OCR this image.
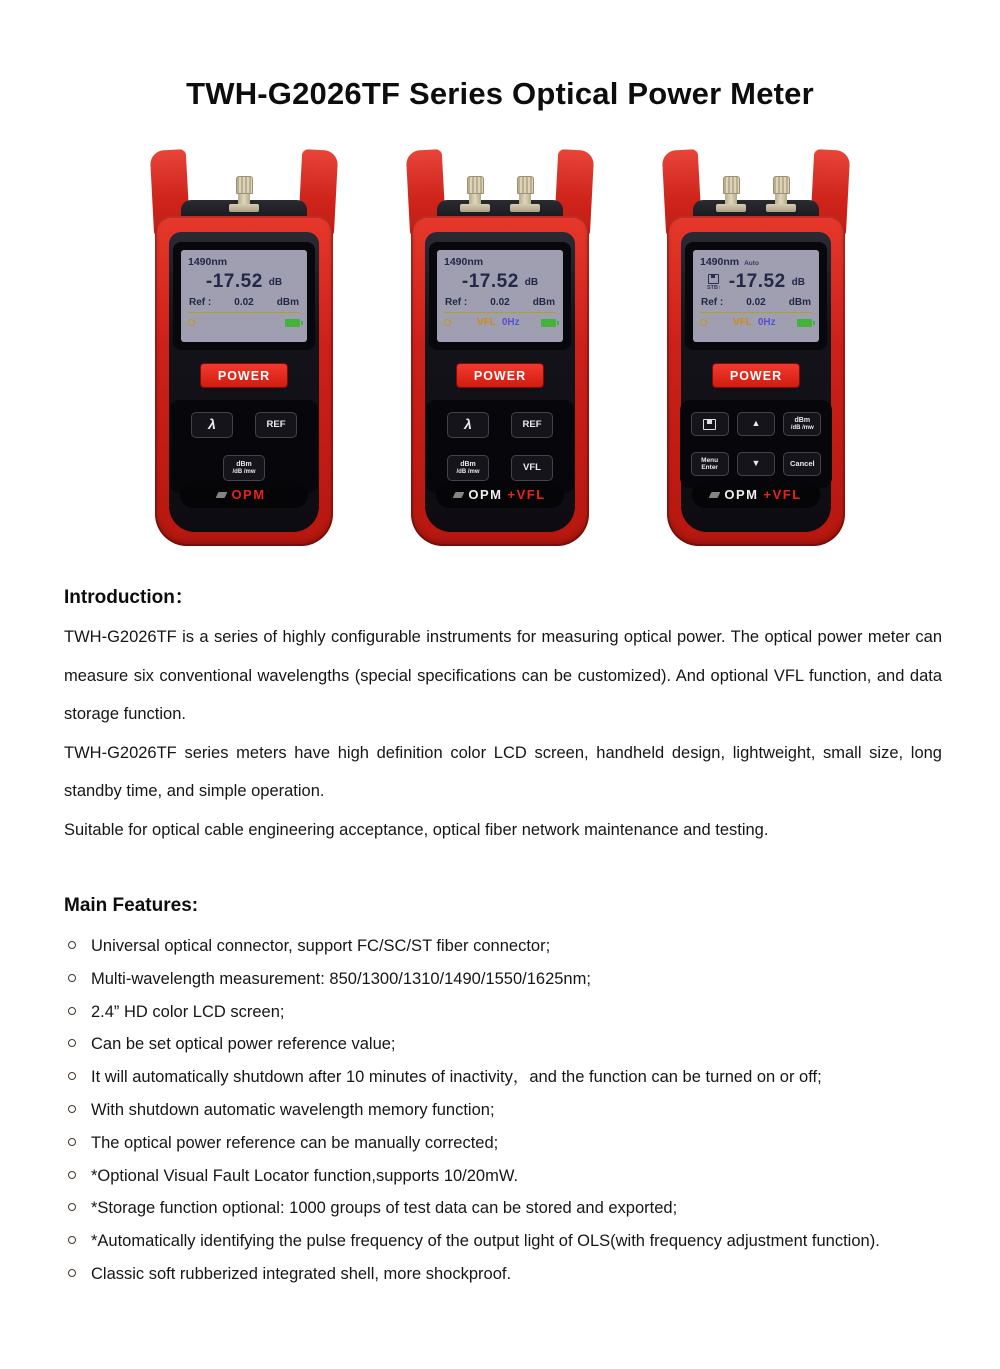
TWH-G2026TF Series Optical Power Meter
1490nm
-17.52 dB
Ref : 0.02 dBm
POWER
λ	REF
dBm
/dB /mw
OPM
1490nm
-17.52 dB
Ref : 0.02 dBm
VFL 0Hz
POWER
λ	REF
dBm
/dB /mw	VFL
OPM +VFL
1490nm Auto
STB↑ -17.52 dB
Ref : 0.02 dBm
VFL 0Hz
POWER
▲	dBm
/dB /mw
Menu
Enter	▼	Cancel
OPM +VFL
Introduction：

TWH-G2026TF is a series of highly configurable instruments for measuring optical power. The optical power meter can measure six conventional wavelengths (special specifications can be customized). And optional VFL function, and data storage function.

TWH-G2026TF series meters have high definition color LCD screen, handheld design, lightweight, small size, long standby time, and simple operation.

Suitable for optical cable engineering acceptance, optical fiber network maintenance and testing.

Main Features:
Universal optical connector, support FC/SC/ST fiber connector;
Multi-wavelength measurement: 850/1300/1310/1490/1550/1625nm;
2.4” HD color LCD screen;
Can be set optical power reference value;
It will automatically shutdown after 10 minutes of inactivity，and the function can be turned on or off;
With shutdown automatic wavelength memory function;
The optical power reference can be manually corrected;
*Optional Visual Fault Locator function,supports 10/20mW.
*Storage function optional: 1000 groups of test data can be stored and exported;
*Automatically identifying the pulse frequency of the output light of OLS(with frequency adjustment function).
Classic soft rubberized integrated shell, more shockproof.
